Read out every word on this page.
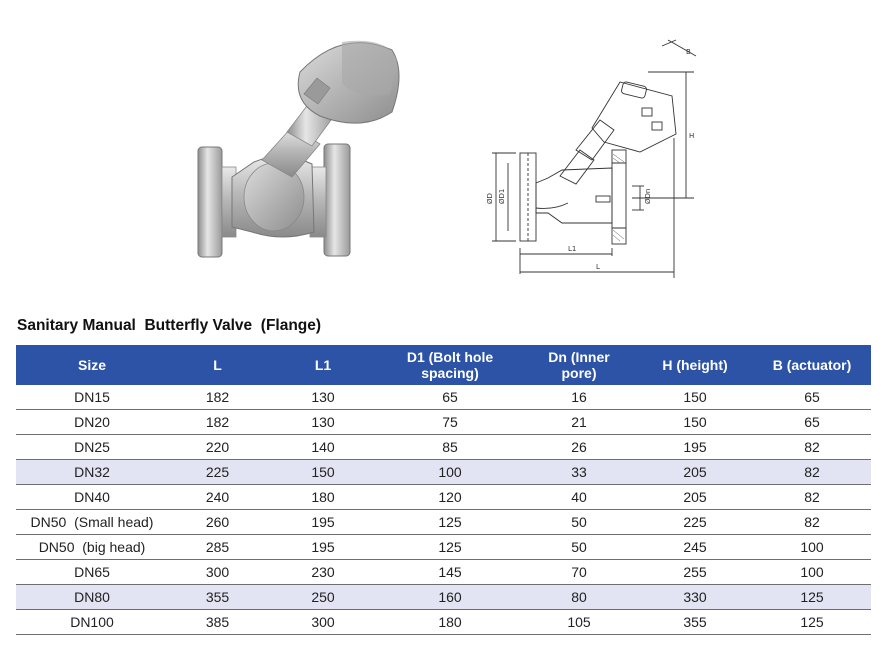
B
H
ØD ØD1	ØDn
L1
L
Sanitary Manual  Butterfly Valve  (Flange)
Size	L	L1	D1 (Bolt hole
spacing)	Dn (Inner
pore)	H (height)	B (actuator)
DN15	182	130	65	16	150	65
DN20	182	130	75	21	150	65
DN25	220	140	85	26	195	82
DN32	225	150	100	33	205	82
DN40	240	180	120	40	205	82
DN50  (Small head)	260	195	125	50	225	82
DN50  (big head)	285	195	125	50	245	100
DN65	300	230	145	70	255	100
DN80	355	250	160	80	330	125
DN100	385	300	180	105	355	125
